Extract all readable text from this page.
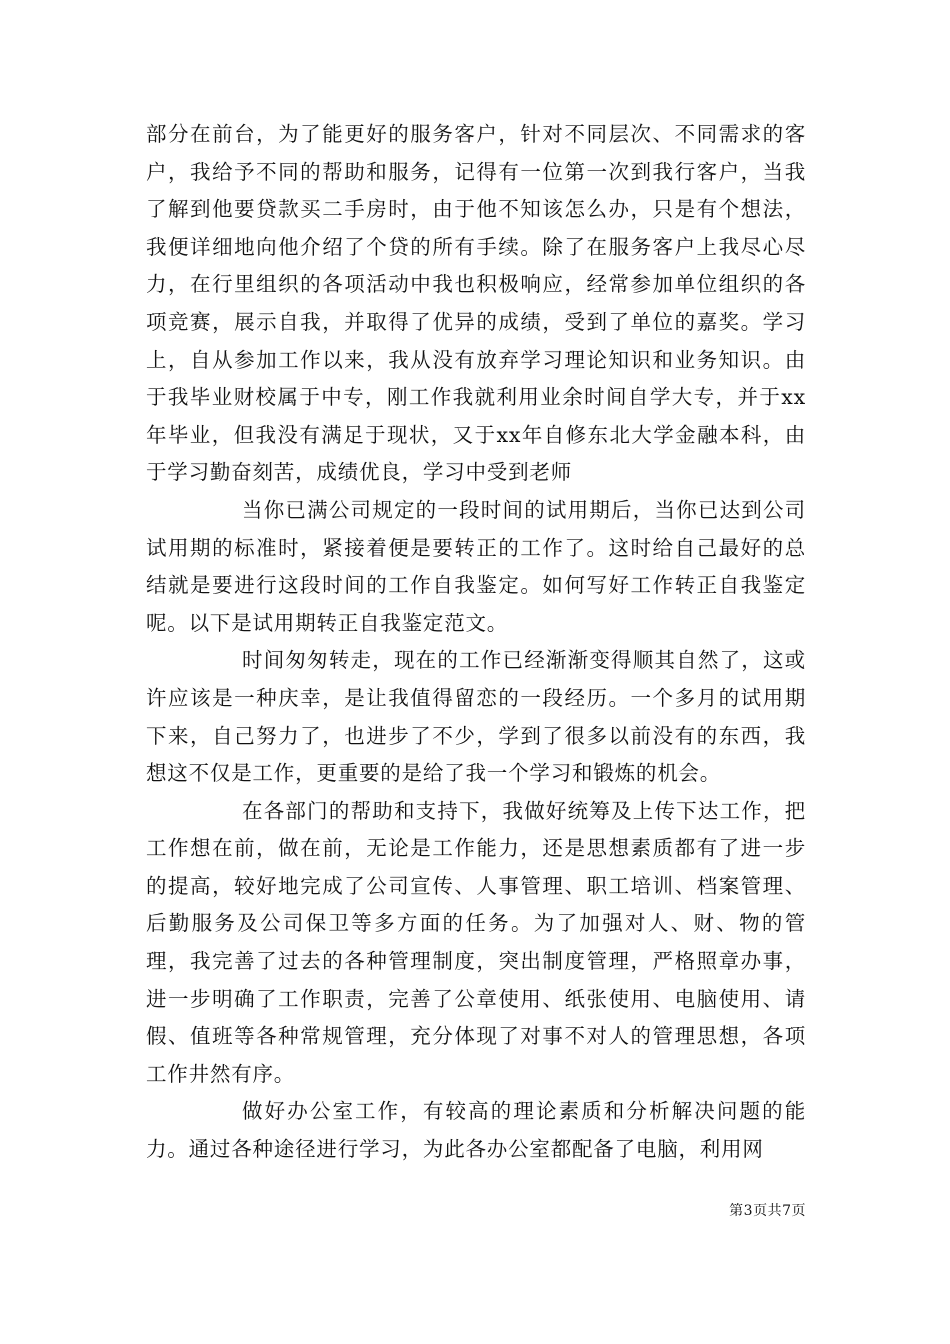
部分在前台，为了能更好的服务客户，针对不同层次、不同需求的客户，我给予不同的帮助和服务，记得有一位第一次到我行客户，当我了解到他要贷款买二手房时，由于他不知该怎么办，只是有个想法，我便详细地向他介绍了个贷的所有手续。除了在服务客户上我尽心尽力，在行里组织的各项活动中我也积极响应，经常参加单位组织的各项竞赛，展示自我，并取得了优异的成绩，受到了单位的嘉奖。学习上，自从参加工作以来，我从没有放弃学习理论知识和业务知识。由于我毕业财校属于中专，刚工作我就利用业余时间自学大专，并于xx年毕业，但我没有满足于现状，又于xx年自修东北大学金融本科，由于学习勤奋刻苦，成绩优良，学习中受到老师

当你已满公司规定的一段时间的试用期后，当你已达到公司试用期的标准时，紧接着便是要转正的工作了。这时给自己最好的总结就是要进行这段时间的工作自我鉴定。如何写好工作转正自我鉴定呢。以下是试用期转正自我鉴定范文。

时间匆匆转走，现在的工作已经渐渐变得顺其自然了，这或许应该是一种庆幸，是让我值得留恋的一段经历。一个多月的试用期下来，自己努力了，也进步了不少，学到了很多以前没有的东西，我想这不仅是工作，更重要的是给了我一个学习和锻炼的机会。

在各部门的帮助和支持下，我做好统筹及上传下达工作，把工作想在前，做在前，无论是工作能力，还是思想素质都有了进一步的提高，较好地完成了公司宣传、人事管理、职工培训、档案管理、后勤服务及公司保卫等多方面的任务。为了加强对人、财、物的管理，我完善了过去的各种管理制度，突出制度管理，严格照章办事，进一步明确了工作职责，完善了公章使用、纸张使用、电脑使用、请假、值班等各种常规管理，充分体现了对事不对人的管理思想，各项工作井然有序。

做好办公室工作，有较高的理论素质和分析解决问题的能力。通过各种途径进行学习，为此各办公室都配备了电脑，利用网

第3页共7页
